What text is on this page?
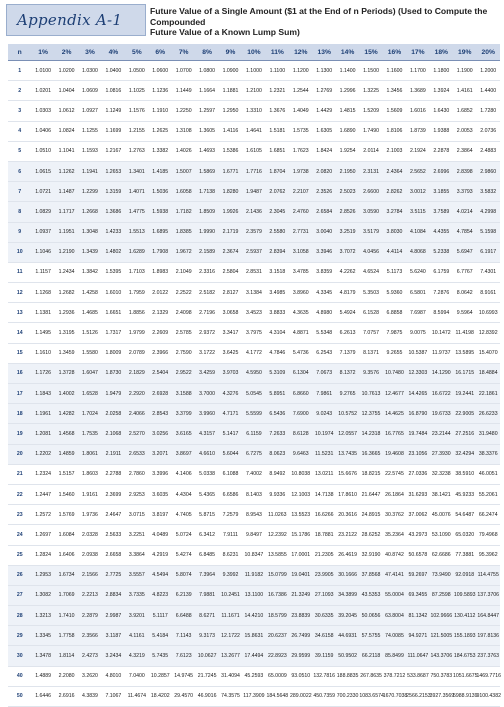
Appendix A-1	Future Value of a Single Amount ($1 at the End of n Periods) (Used to Compute the Compounded
Future Value of a Known Lump Sum)
n	1%	2%	3%	4%	5%	6%	7%	8%	9%	10%	11%	12%	13%	14%	15%	16%	17%	18%	19%	20%
1	1.0100	1.0200	1.0300	1.0400	1.0500	1.0600	1.0700	1.0800	1.0900	1.1000	1.1100	1.1200	1.1300	1.1400	1.1500	1.1600	1.1700	1.1800	1.1900	1.2000
2	1.0201	1.0404	1.0609	1.0816	1.1025	1.1236	1.1449	1.1664	1.1881	1.2100	1.2321	1.2544	1.2769	1.2996	1.3225	1.3456	1.3689	1.3924	1.4161	1.4400
3	1.0303	1.0612	1.0927	1.1249	1.1576	1.1910	1.2250	1.2597	1.2950	1.3310	1.3676	1.4049	1.4429	1.4815	1.5209	1.5609	1.6016	1.6430	1.6852	1.7280
4	1.0406	1.0824	1.1255	1.1699	1.2155	1.2625	1.3108	1.3605	1.4116	1.4641	1.5181	1.5735	1.6305	1.6890	1.7490	1.8106	1.8739	1.9388	2.0053	2.0736
5	1.0510	1.1041	1.1593	1.2167	1.2763	1.3382	1.4026	1.4693	1.5386	1.6105	1.6851	1.7623	1.8424	1.9254	2.0114	2.1003	2.1924	2.2878	2.3864	2.4883
6	1.0615	1.1262	1.1941	1.2653	1.3401	1.4185	1.5007	1.5869	1.6771	1.7716	1.8704	1.9738	2.0820	2.1950	2.3131	2.4364	2.5652	2.6996	2.8398	2.9860
7	1.0721	1.1487	1.2299	1.3159	1.4071	1.5036	1.6058	1.7138	1.8280	1.9487	2.0762	2.2107	2.3526	2.5023	2.6600	2.8262	3.0012	3.1855	3.3793	3.5832
8	1.0829	1.1717	1.2668	1.3686	1.4775	1.5938	1.7182	1.8509	1.9926	2.1436	2.3045	2.4760	2.6584	2.8526	3.0590	3.2784	3.5115	3.7589	4.0214	4.2998
9	1.0937	1.1951	1.3048	1.4233	1.5513	1.6895	1.8385	1.9990	2.1719	2.3579	2.5580	2.7731	3.0040	3.2519	3.5179	3.8030	4.1084	4.4355	4.7854	5.1598
10	1.1046	1.2190	1.3439	1.4802	1.6289	1.7908	1.9672	2.1589	2.3674	2.5937	2.8394	3.1058	3.3946	3.7072	4.0456	4.4114	4.8068	5.2338	5.6947	6.1917
11	1.1157	1.2434	1.3842	1.5395	1.7103	1.8983	2.1049	2.3316	2.5804	2.8531	3.1518	3.4785	3.8359	4.2262	4.6524	5.1173	5.6240	6.1759	6.7767	7.4301
12	1.1268	1.2682	1.4258	1.6010	1.7959	2.0122	2.2522	2.5182	2.8127	3.1384	3.4985	3.8960	4.3345	4.8179	5.3503	5.9360	6.5801	7.2876	8.0642	8.9161
13	1.1381	1.2936	1.4685	1.6651	1.8856	2.1329	2.4098	2.7196	3.0658	3.4523	3.8833	4.3635	4.8980	5.4924	6.1528	6.8858	7.6987	8.5994	9.5964	10.6993
14	1.1495	1.3195	1.5126	1.7317	1.9799	2.2609	2.5785	2.9372	3.3417	3.7975	4.3104	4.8871	5.5348	6.2613	7.0757	7.9875	9.0075	10.1472	11.4198	12.8392
15	1.1610	1.3459	1.5580	1.8009	2.0789	2.3966	2.7590	3.1722	3.6425	4.1772	4.7846	5.4736	6.2543	7.1379	8.1371	9.2655	10.5387	11.9737	13.5895	15.4070
16	1.1726	1.3728	1.6047	1.8730	2.1829	2.5404	2.9522	3.4259	3.9703	4.5950	5.3109	6.1304	7.0673	8.1372	9.3576	10.7480	12.3303	14.1290	16.1715	18.4884
17	1.1843	1.4002	1.6528	1.9479	2.2920	2.6928	3.1588	3.7000	4.3276	5.0545	5.8951	6.8660	7.9861	9.2765	10.7613	12.4677	14.4265	16.6722	19.2441	22.1861
18	1.1961	1.4282	1.7024	2.0258	2.4066	2.8543	3.3799	3.9960	4.7171	5.5599	6.5436	7.6900	9.0243	10.5752	12.3755	14.4625	16.8790	19.6733	22.9005	26.6233
19	1.2081	1.4568	1.7535	2.1068	2.5270	3.0256	3.6165	4.3157	5.1417	6.1159	7.2633	8.6128	10.1974	12.0557	14.2318	16.7765	19.7484	23.2144	27.2516	31.9480
20	1.2202	1.4859	1.8061	2.1911	2.6533	3.2071	3.8697	4.6610	5.6044	6.7275	8.0623	9.6463	11.5231	13.7435	16.3665	19.4608	23.1056	27.3930	32.4294	38.3376
21	1.2324	1.5157	1.8603	2.2788	2.7860	3.3996	4.1406	5.0338	6.1088	7.4002	8.9492	10.8038	13.0211	15.6676	18.8215	22.5745	27.0336	32.3238	38.5910	46.0051
22	1.2447	1.5460	1.9161	2.3699	2.9253	3.6035	4.4304	5.4365	6.6586	8.1403	9.9336	12.1003	14.7138	17.8610	21.6447	26.1864	31.6293	38.1421	45.9233	55.2061
23	1.2572	1.5769	1.9736	2.4647	3.0715	3.8197	4.7405	5.8715	7.2579	8.9543	11.0263	13.5523	16.6266	20.3616	24.8915	30.3762	37.0062	45.0076	54.6487	66.2474
24	1.2697	1.6084	2.0328	2.5633	3.2251	4.0489	5.0724	6.3412	7.9111	9.8497	12.2392	15.1786	18.7881	23.2122	28.6252	35.2364	43.2973	53.1090	65.0320	79.4968
25	1.2824	1.6406	2.0938	2.6658	3.3864	4.2919	5.4274	6.8485	8.6231	10.8347	13.5855	17.0001	21.2305	26.4619	32.9190	40.8742	50.6578	62.6686	77.3881	95.3962
26	1.2953	1.6734	2.1566	2.7725	3.5557	4.5494	5.8074	7.3964	9.3992	11.9182	15.0799	19.0401	23.9905	30.1666	37.8568	47.4141	59.2697	73.9490	92.0918	114.4755
27	1.3082	1.7069	2.2213	2.8834	3.7335	4.8223	6.2139	7.9881	10.2451	13.1100	16.7386	21.3249	27.1093	34.3899	43.5353	55.0004	69.3455	87.2598	109.5893	137.3706
28	1.3213	1.7410	2.2879	2.9987	3.9201	5.1117	6.6488	8.6271	11.1671	14.4210	18.5799	23.8839	30.6335	39.2045	50.0656	63.8004	81.1342	102.9666	130.4112	164.8447
29	1.3345	1.7758	2.3566	3.1187	4.1161	5.4184	7.1143	9.3173	12.1722	15.8631	20.6237	26.7499	34.6158	44.6931	57.5755	74.0085	94.9271	121.5005	155.1893	197.8136
30	1.3478	1.8114	2.4273	3.2434	4.3219	5.7435	7.6123	10.0627	13.2677	17.4494	22.8923	29.9599	39.1159	50.9502	66.2118	85.8499	111.0647	143.3706	184.6753	237.3763
40	1.4889	2.2080	3.2620	4.8010	7.0400	10.2857	14.9745	21.7245	31.4094	45.2593	65.0009	93.0510	132.7816	188.8835	267.8635	378.7212	533.8687	750.3783	1051.6675	1469.7716
50	1.6446	2.6916	4.3839	7.1067	11.4674	18.4202	29.4570	46.9016	74.3575	117.3909	184.5648	289.0022	450.7359	700.2330	1083.6574	1670.7038	2566.2153	3927.3569	5988.9139	9100.4382
